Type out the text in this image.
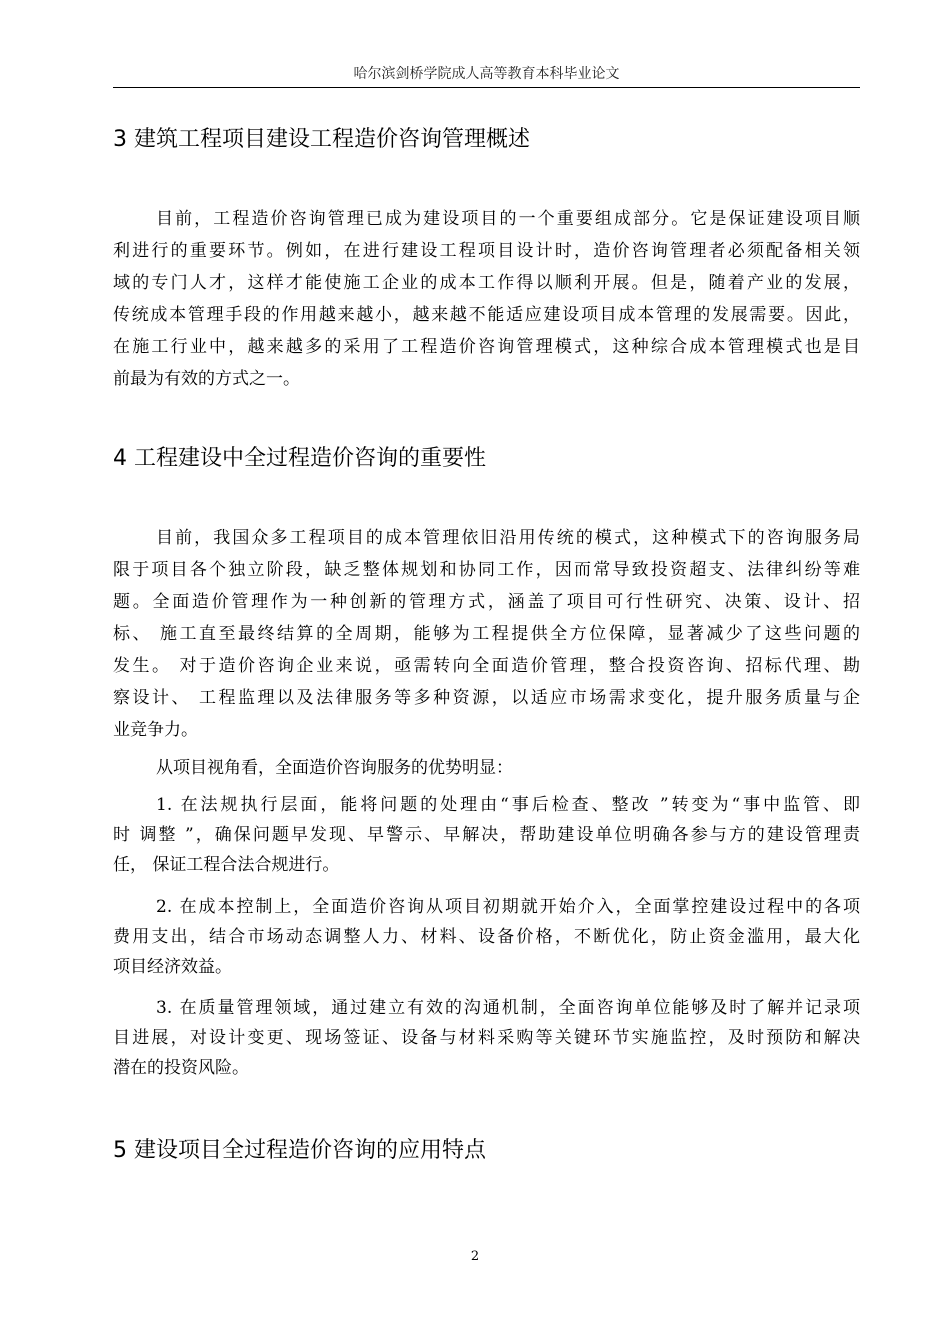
哈尔滨剑桥学院成人高等教育本科毕业论文
3 建筑工程项目建设工程造价咨询管理概述
目前，工程造价咨询管理已成为建设项目的一个重要组成部分。它是保证建设项目顺
利进行的重要环节。例如，在进行建设工程项目设计时，造价咨询管理者必须配备相关领
域的专门人才，这样才能使施工企业的成本工作得以顺利开展。但是，随着产业的发展，
传统成本管理手段的作用越来越小，越来越不能适应建设项目成本管理的发展需要。因此，
在施工行业中，越来越多的采用了工程造价咨询管理模式，这种综合成本管理模式也是目
前最为有效的方式之一。
4 工程建设中全过程造价咨询的重要性
目前，我国众多工程项目的成本管理依旧沿用传统的模式，这种模式下的咨询服务局
限于项目各个独立阶段，缺乏整体规划和协同工作，因而常导致投资超支、法律纠纷等难
题。全面造价管理作为一种创新的管理方式，涵盖了项目可行性研究、决策、设计、招
标、 施工直至最终结算的全周期，能够为工程提供全方位保障，显著减少了这些问题的
发生。 对于造价咨询企业来说，亟需转向全面造价管理，整合投资咨询、招标代理、勘
察设计、 工程监理以及法律服务等多种资源，以适应市场需求变化，提升服务质量与企
业竞争力。
从项目视角看，全面造价咨询服务的优势明显：
1. 在法规执行层面，能将问题的处理由“事后检查、整改 ”转变为“事中监管、即
时 调整 ”，确保问题早发现、早警示、早解决，帮助建设单位明确各参与方的建设管理责
任， 保证工程合法合规进行。
2. 在成本控制上，全面造价咨询从项目初期就开始介入，全面掌控建设过程中的各项
费用支出，结合市场动态调整人力、材料、设备价格，不断优化，防止资金滥用，最大化
项目经济效益。
3. 在质量管理领域，通过建立有效的沟通机制，全面咨询单位能够及时了解并记录项
目进展，对设计变更、现场签证、设备与材料采购等关键环节实施监控，及时预防和解决
潜在的投资风险。
5 建设项目全过程造价咨询的应用特点
2
